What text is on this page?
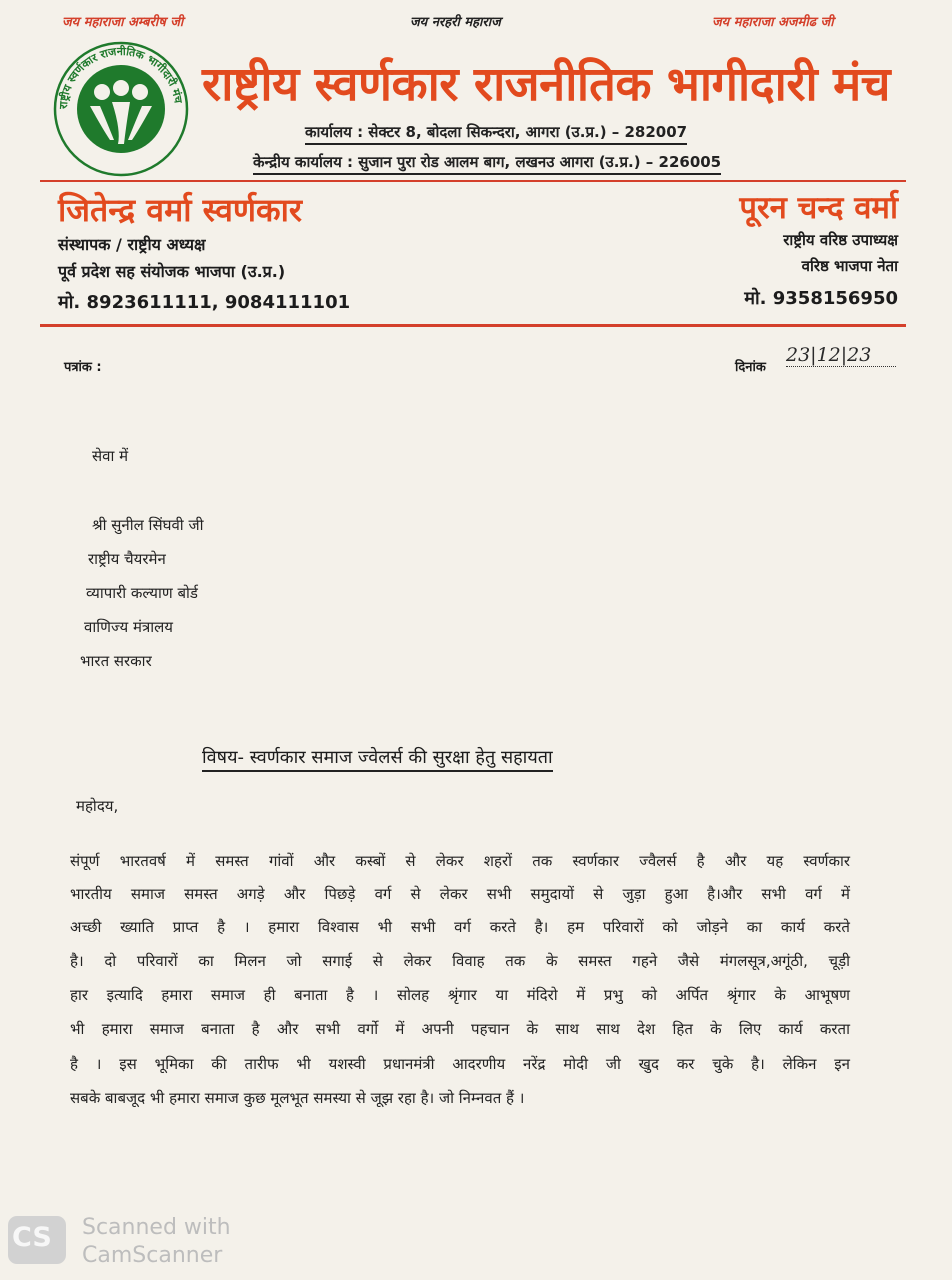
जय महाराजा अम्बरीष जी	जय नरहरी महाराज	जय महाराजा अजमीढ जी
राष्ट्रीय स्वर्णकार राजनीतिक भागीदारी मंच राष्ट्रीय स्वर्णकार राजनीतिक भागीदारी मंच
कार्यालय : सेक्टर 8, बोदला सिकन्दरा, आगरा (उ.प्र.) – 282007
केन्द्रीय कार्यालय : सुजान पुरा रोड आलम बाग, लखनउ आगरा (उ.प्र.) – 226005
जितेन्द्र वर्मा स्वर्णकार
संस्थापक / राष्ट्रीय अध्यक्ष
पूर्व प्रदेश सह संयोजक भाजपा (उ.प्र.)
मो. 8923611111, 9084111101
पूरन चन्द वर्मा
राष्ट्रीय वरिष्ठ उपाध्यक्ष
वरिष्ठ भाजपा नेता
मो. 9358156950
पत्रांक :	दिनांक
23|12|23
सेवा में
श्री सुनील सिंघवी जी
राष्ट्रीय चैयरमेन
व्यापारी कल्याण बोर्ड
वाणिज्य मंत्रालय
भारत सरकार
विषय- स्वर्णकार समाज ज्वेलर्स की सुरक्षा हेतु सहायता
महोदय,
संपूर्ण भारतवर्ष में समस्त गांवों और कस्बों से लेकर शहरों तक स्वर्णकार ज्वैलर्स है और यह स्वर्णकार
भारतीय समाज समस्त अगड़े और पिछड़े वर्ग से लेकर सभी समुदायों से जुड़ा हुआ है।और सभी वर्ग में
अच्छी ख्याति प्राप्त है । हमारा विश्वास भी सभी वर्ग करते है। हम परिवारों को जोड़ने का कार्य करते
है। दो परिवारों का मिलन जो सगाई से लेकर विवाह तक के समस्त गहने जैसे मंगलसूत्र,अगूंठी, चूड़ी
हार इत्यादि हमारा समाज ही बनाता है । सोलह श्रृंगार या मंदिरो में प्रभु को अर्पित श्रृंगार के आभूषण
भी हमारा समाज बनाता है और सभी वर्गो में अपनी पहचान के साथ साथ देश हित के लिए कार्य करता
है । इस भूमिका की तारीफ भी यशस्वी प्रधानमंत्री आदरणीय नरेंद्र मोदी जी खुद कर चुके है। लेकिन इन
सबके बाबजूद भी हमारा समाज कुछ मूलभूत समस्या से जूझ रहा है। जो निम्नवत हैं ।
CS Scanned with
CamScanner
